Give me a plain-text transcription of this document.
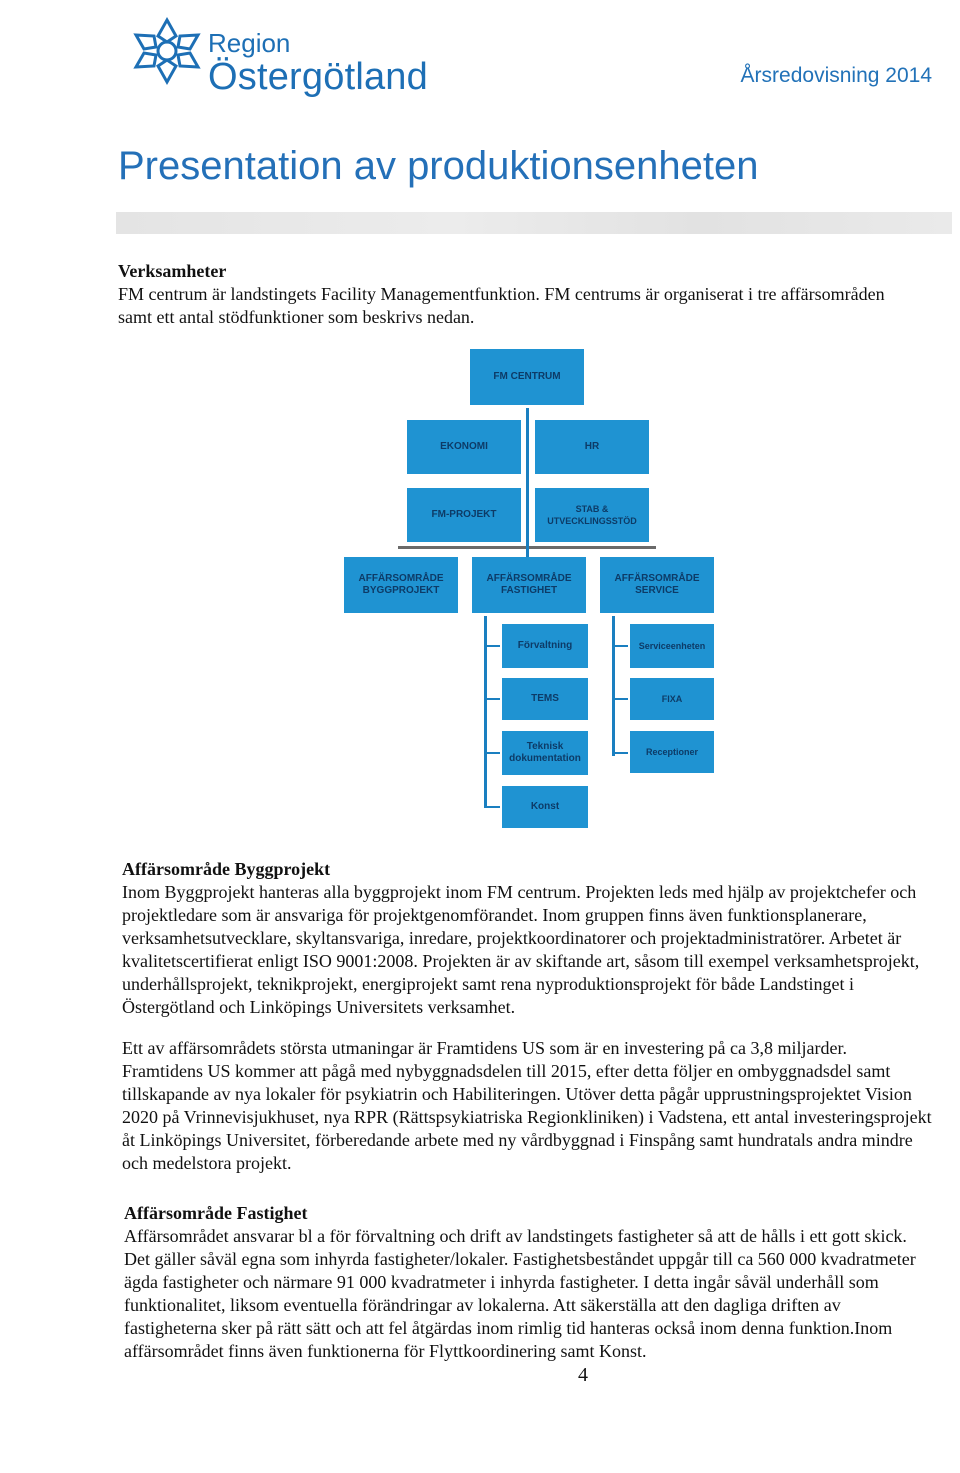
Region
Östergötland	Årsredovisning 2014
Presentation av produktionsenheten
Verksamheter

FM centrum är landstingets Facility Managementfunktion. FM centrums är organiserat i tre affärsområden samt ett antal stödfunktioner som beskrivs nedan.

FM CENTRUM
EKONOMI	HR
FM-PROJEKT	STAB & UTVECKLINGSSTÖD
AFFÄRSOMRÅDE BYGGPROJEKT
AFFÄRSOMRÅDE FASTIGHET
AFFÄRSOMRÅDE SERVICE
Förvaltning
TEMS
Teknisk dokumentation
Konst
Serviceenheten
FIXA
Receptioner
Affärsområde Byggprojekt

Inom Byggprojekt hanteras alla byggprojekt inom FM centrum. Projekten leds med hjälp av projektchefer och projektledare som är ansvariga för projektgenomförandet. Inom gruppen finns även funktionsplanerare, verksamhetsutvecklare, skyltansvariga, inredare, projektkoordinatorer och projektadministratörer. Arbetet är kvalitetscertifierat enligt ISO 9001:2008. Projekten är av skiftande art, såsom till exempel verksamhetsprojekt, underhållsprojekt, teknikprojekt, energiprojekt samt rena nyproduktionsprojekt för både Landstinget i Östergötland och Linköpings Universitets verksamhet.

Ett av affärsområdets största utmaningar är Framtidens US som är en investering på ca 3,8 miljarder. Framtidens US kommer att pågå med nybyggnadsdelen till 2015, efter detta följer en ombyggnadsdel samt tillskapande av nya lokaler för psykiatrin och Habiliteringen. Utöver detta pågår upprustningsprojektet Vision 2020 på Vrinnevisjukhuset, nya RPR (Rättspsykiatriska Regionkliniken) i Vadstena, ett antal investeringsprojekt åt Linköpings Universitet, förberedande arbete med ny vårdbyggnad i Finspång samt hundratals andra mindre och medelstora projekt.

Affärsområde Fastighet

Affärsområdet ansvarar bl a för förvaltning och drift av landstingets fastigheter så att de hålls i ett gott skick. Det gäller såväl egna som inhyrda fastigheter/lokaler. Fastighetsbeståndet uppgår till ca 560 000 kvadratmeter ägda fastigheter och närmare 91 000 kvadratmeter i inhyrda fastigheter. I detta ingår såväl underhåll som funktionalitet, liksom eventuella förändringar av lokalerna. Att säkerställa att den dagliga driften av fastigheterna sker på rätt sätt och att fel åtgärdas inom rimlig tid hanteras också inom denna funktion.Inom affärsområdet finns även funktionerna för Flyttkoordinering samt Konst.

4
